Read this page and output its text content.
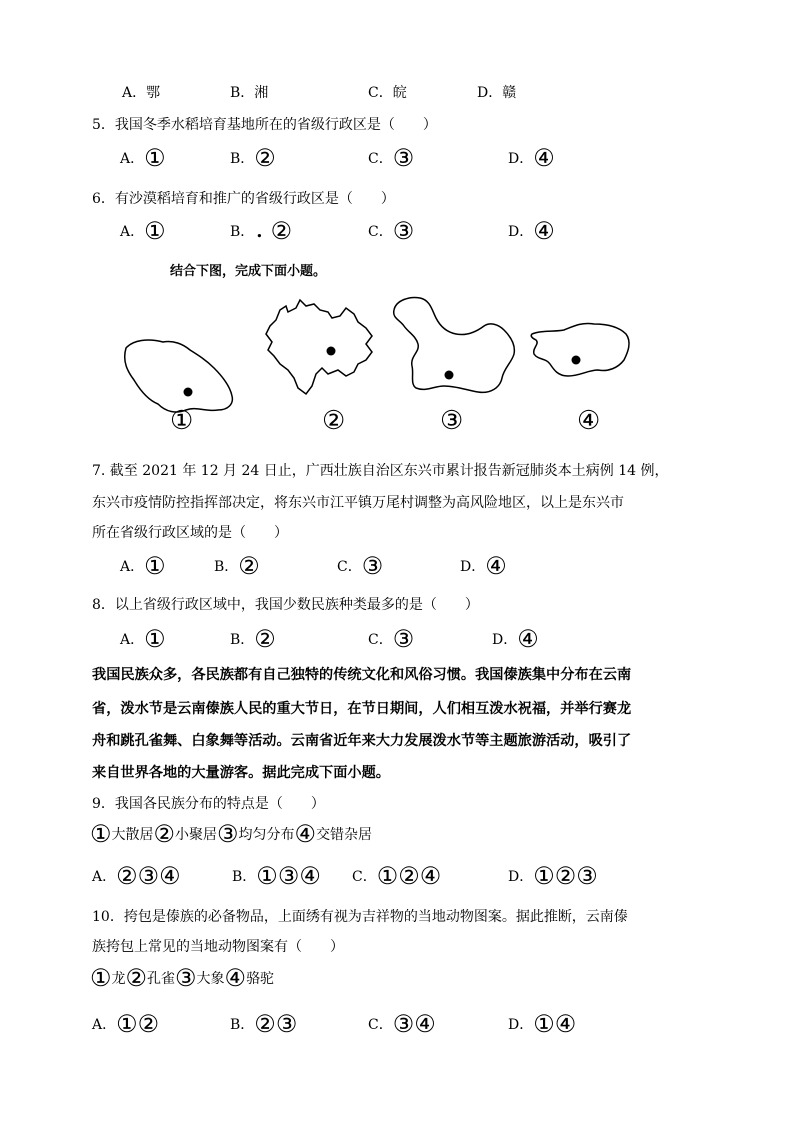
A．鄂	B．湘	C．皖	D．赣
5．我国冬季水稻培育基地所在的省级行政区是（　　）
A．①	B．②	C．③	D．④
6．有沙漠稻培育和推广的省级行政区是（　　）
A．①	B． . ②	C．③	D．④
结合下图，完成下面小题。
①	②	③	④
7. 截至 2021 年 12 月 24 日止，广西壮族自治区东兴市累计报告新冠肺炎本土病例 14 例，
东兴市疫情防控指挥部决定，将东兴市江平镇万尾村调整为高风险地区，以上是东兴市
所在省级行政区域的是（　　）
A．①	B．②	C．③	D．④
8．以上省级行政区域中，我国少数民族种类最多的是（　　）
A．①	B．②	C．③	D．④
我国民族众多，各民族都有自己独特的传统文化和风俗习惯。我国傣族集中分布在云南
省，泼水节是云南傣族人民的重大节日，在节日期间，人们相互泼水祝福，并举行赛龙
舟和跳孔雀舞、白象舞等活动。云南省近年来大力发展泼水节等主题旅游活动，吸引了
来自世界各地的大量游客。据此完成下面小题。
9．我国各民族分布的特点是（　　）
①大散居②小聚居③均匀分布④交错杂居
A．②③④	B．①③④ C．①②④	D．①②③
10．挎包是傣族的必备物品，上面绣有视为吉祥物的当地动物图案。据此推断，云南傣
族挎包上常见的当地动物图案有（　　）
①龙②孔雀③大象④骆驼
A．①②	B．②③	C．③④	D．①④
